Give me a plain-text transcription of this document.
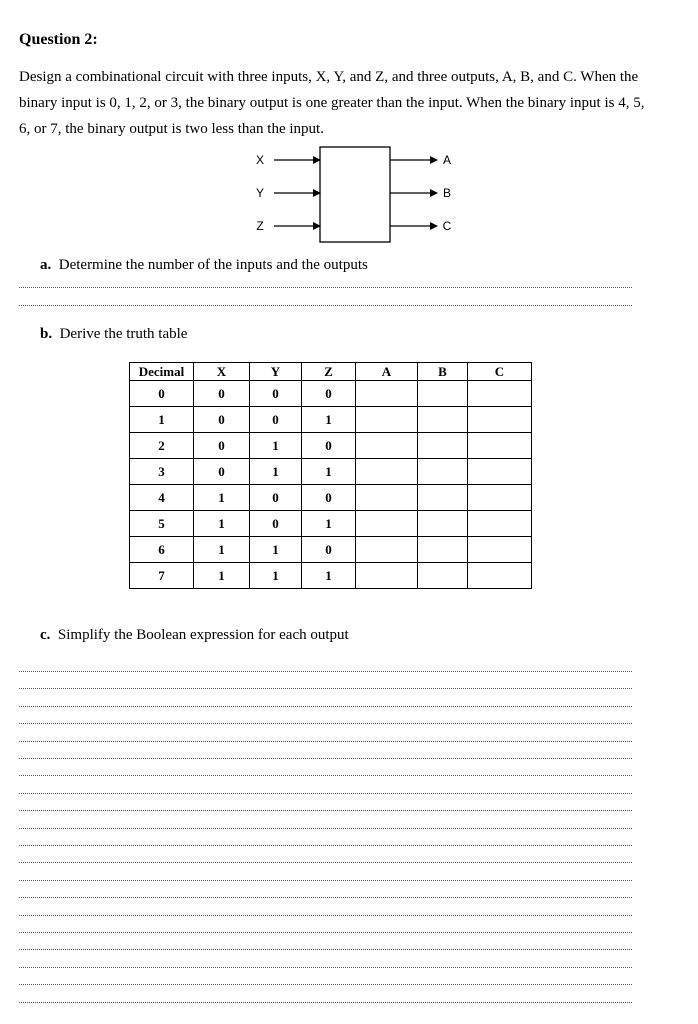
Question 2:
Design a combinational circuit with three inputs, X, Y, and Z, and three outputs, A, B, and C. When the
binary input is 0, 1, 2, or 3, the binary output is one greater than the input. When the binary input is 4, 5,
6, or 7, the binary output is two less than the input.
X
Y
Z
A
B
C
a. Determine the number of the inputs and the outputs
b. Derive the truth table
Decimal	X	Y	Z	A	B	C
0	0	0	0			
1	0	0	1			
2	0	1	0			
3	0	1	1			
4	1	0	0			
5	1	0	1			
6	1	1	0			
7	1	1	1			
c. Simplify the Boolean expression for each output
